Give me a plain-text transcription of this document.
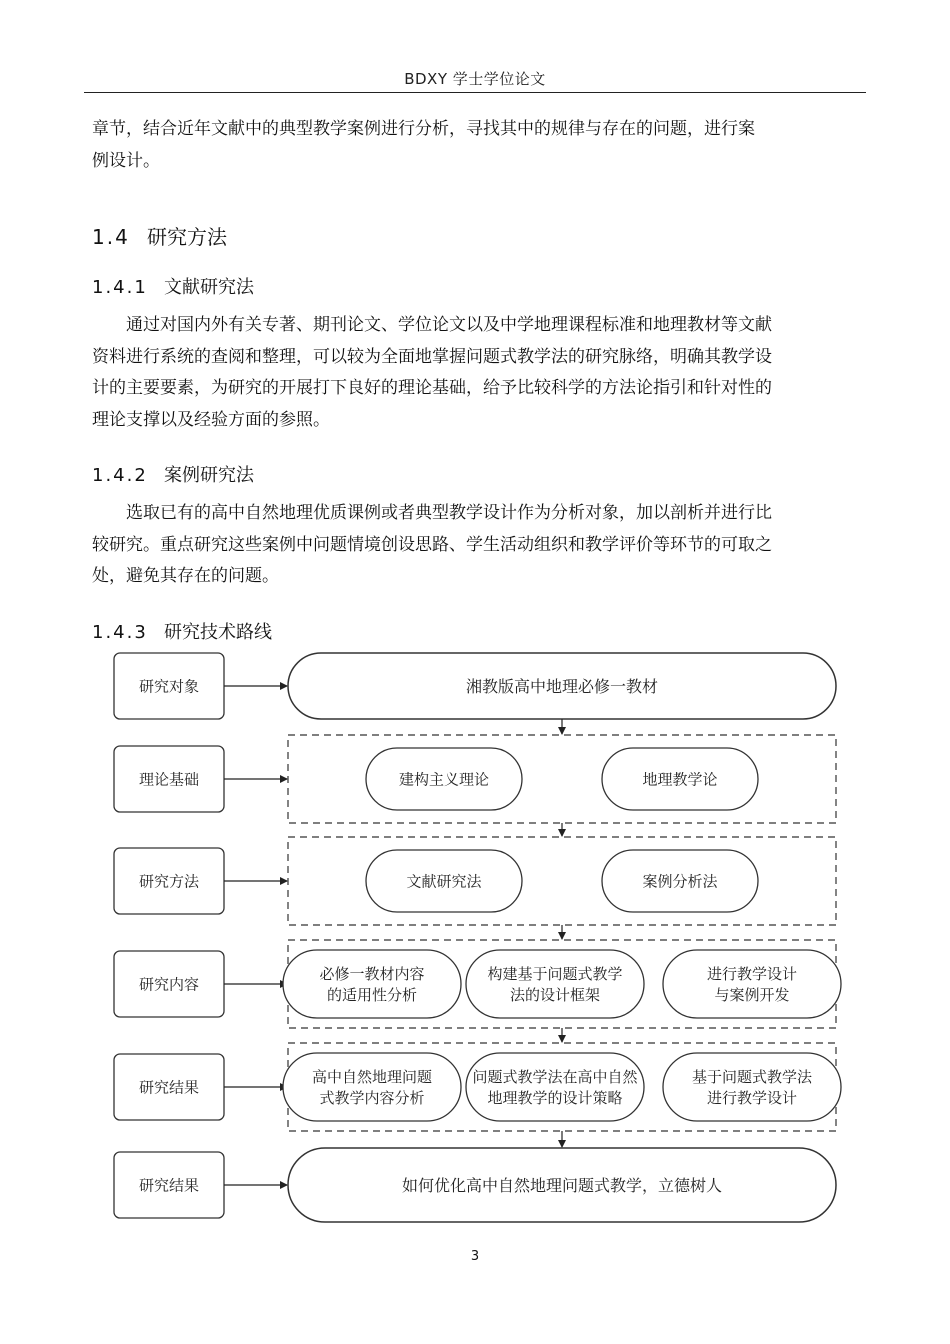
BDXY 学士学位论文
章节，结合近年文献中的典型教学案例进行分析，寻找其中的规律与存在的问题，进行案
例设计。
1.4 研究方法
1.4.1 文献研究法
通过对国内外有关专著、期刊论文、学位论文以及中学地理课程标准和地理教材等文献
资料进行系统的查阅和整理，可以较为全面地掌握问题式教学法的研究脉络，明确其教学设
计的主要要素，为研究的开展打下良好的理论基础，给予比较科学的方法论指引和针对性的
理论支撑以及经验方面的参照。
1.4.2 案例研究法
选取已有的高中自然地理优质课例或者典型教学设计作为分析对象，加以剖析并进行比
较研究。重点研究这些案例中问题情境创设思路、学生活动组织和教学评价等环节的可取之
处，避免其存在的问题。
1.4.3 研究技术路线
研究对象	湘教版高中地理必修一教材
理论基础	建构主义理论	地理教学论
研究方法	文献研究法	案例分析法
研究内容
必修一教材内容的适用性分析
构建基于问题式教学法的设计框架
进行教学设计与案例开发
研究结果
高中自然地理问题式教学内容分析
问题式教学法在高中自然地理教学的设计策略
基于问题式教学法进行教学设计
研究结果	如何优化高中自然地理问题式教学，立德树人
3
